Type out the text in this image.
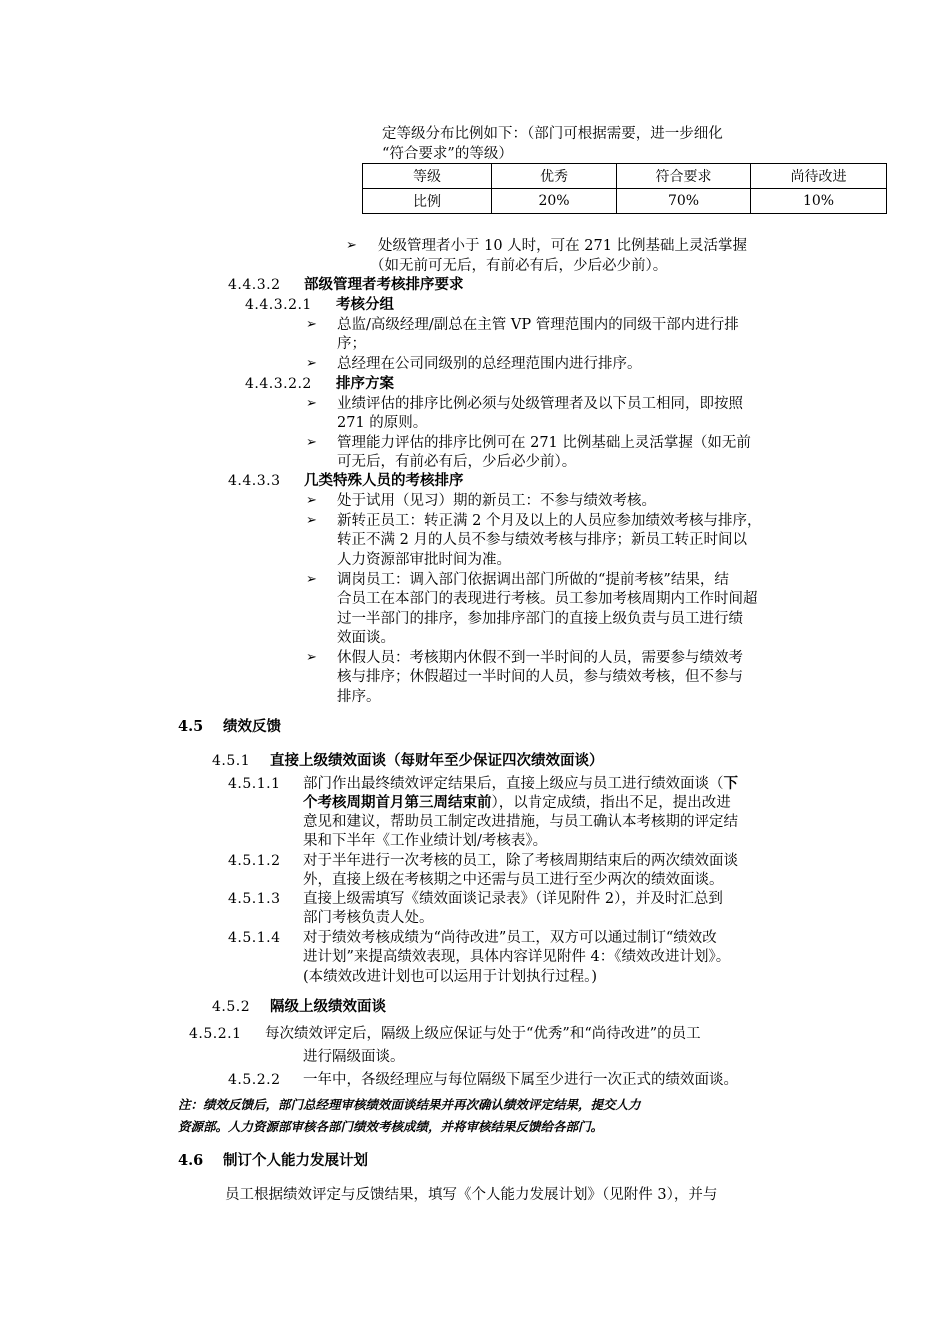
定等级分布比例如下：（部门可根据需要，进一步细化
“符合要求”的等级）
等级	优秀	符合要求	尚待改进
比例	20%	70%	10%
➢ 处级管理者小于 10 人时，可在 271 比例基础上灵活掌握
（如无前可无后，有前必有后，少后必少前）。
4.4.3.2 部级管理者考核排序要求
4.4.3.2.1 考核分组
➢ 总监/高级经理/副总在主管 VP 管理范围内的同级干部内进行排
序；
➢ 总经理在公司同级别的总经理范围内进行排序。
4.4.3.2.2 排序方案
➢ 业绩评估的排序比例必须与处级管理者及以下员工相同，即按照
271 的原则。
➢ 管理能力评估的排序比例可在 271 比例基础上灵活掌握（如无前
可无后，有前必有后，少后必少前）。
4.4.3.3 几类特殊人员的考核排序
➢ 处于试用（见习）期的新员工：不参与绩效考核。
➢ 新转正员工：转正满 2 个月及以上的人员应参加绩效考核与排序，
转正不满 2 月的人员不参与绩效考核与排序；新员工转正时间以
人力资源部审批时间为准。
➢ 调岗员工：调入部门依据调出部门所做的“提前考核”结果，结
合员工在本部门的表现进行考核。员工参加考核周期内工作时间超
过一半部门的排序，参加排序部门的直接上级负责与员工进行绩
效面谈。
➢ 休假人员：考核期内休假不到一半时间的人员，需要参与绩效考
核与排序；休假超过一半时间的人员，参与绩效考核，但不参与
排序。
4.5 绩效反馈
4.5.1 直接上级绩效面谈（每财年至少保证四次绩效面谈）
4.5.1.1 部门作出最终绩效评定结果后，直接上级应与员工进行绩效面谈（下
个考核周期首月第三周结束前），以肯定成绩，指出不足，提出改进
意见和建议，帮助员工制定改进措施，与员工确认本考核期的评定结
果和下半年《工作业绩计划/考核表》。
4.5.1.2 对于半年进行一次考核的员工，除了考核周期结束后的两次绩效面谈
外，直接上级在考核期之中还需与员工进行至少两次的绩效面谈。
4.5.1.3 直接上级需填写《绩效面谈记录表》（详见附件 2），并及时汇总到
部门考核负责人处。
4.5.1.4 对于绩效考核成绩为“尚待改进”员工，双方可以通过制订“绩效改
进计划”来提高绩效表现，具体内容详见附件 4：《绩效改进计划》。
(本绩效改进计划也可以运用于计划执行过程。)
4.5.2 隔级上级绩效面谈
4.5.2.1 每次绩效评定后，隔级上级应保证与处于“优秀”和“尚待改进”的员工
进行隔级面谈。
4.5.2.2 一年中，各级经理应与每位隔级下属至少进行一次正式的绩效面谈。
注：绩效反馈后，部门总经理审核绩效面谈结果并再次确认绩效评定结果，提交人力
资源部。人力资源部审核各部门绩效考核成绩，并将审核结果反馈给各部门。
4.6 制订个人能力发展计划
员工根据绩效评定与反馈结果，填写《个人能力发展计划》（见附件 3），并与
